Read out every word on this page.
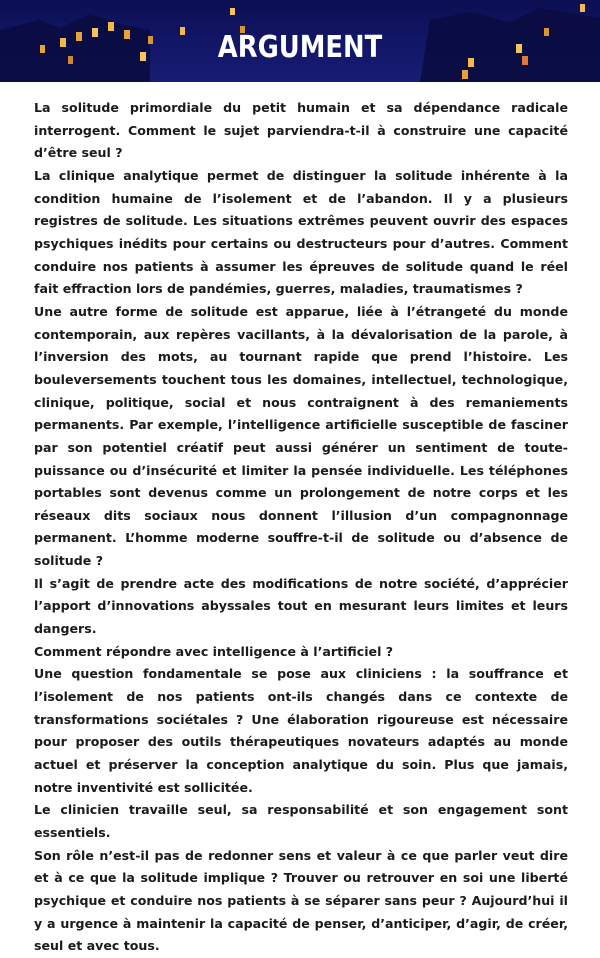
ARGUMENT

La solitude primordiale du petit humain et sa dépendance radicale interrogent. Comment le sujet parviendra-t-il à construire une capacité d’être seul ?

La clinique analytique permet de distinguer la solitude inhérente à la condition humaine de l’isolement et de l’abandon. Il y a plusieurs registres de solitude. Les situations extrêmes peuvent ouvrir des espaces psychiques inédits pour certains ou destructeurs pour d’autres. Comment conduire nos patients à assumer les épreuves de solitude quand le réel fait effraction lors de pandémies, guerres, maladies, traumatismes ?

Une autre forme de solitude est apparue, liée à l’étrangeté du monde contemporain, aux repères vacillants, à la dévalorisation de la parole, à l’inversion des mots, au tournant rapide que prend l’histoire. Les bouleversements touchent tous les domaines, intellectuel, technologique, clinique, politique, social et nous contraignent à des remaniements permanents. Par exemple, l’intelligence artificielle susceptible de fasciner par son potentiel créatif peut aussi générer un sentiment de toute-puissance ou d’insécurité et limiter la pensée individuelle. Les téléphones portables sont devenus comme un prolongement de notre corps et les réseaux dits sociaux nous donnent l’illusion d’un compagnonnage permanent. L’homme moderne souffre-t-il de solitude ou d’absence de solitude ?

Il s’agit de prendre acte des modifications de notre société, d’apprécier l’apport d’innovations abyssales tout en mesurant leurs limites et leurs dangers.

Comment répondre avec intelligence à l’artificiel ?

Une question fondamentale se pose aux cliniciens : la souffrance et l’isolement de nos patients ont-ils changés dans ce contexte de transformations sociétales ? Une élaboration rigoureuse est nécessaire pour proposer des outils thérapeutiques novateurs adaptés au monde actuel et préserver la conception analytique du soin. Plus que jamais, notre inventivité est sollicitée.

Le clinicien travaille seul, sa responsabilité et son engagement sont essentiels.

Son rôle n’est-il pas de redonner sens et valeur à ce que parler veut dire et à ce que la solitude implique ? Trouver ou retrouver en soi une liberté psychique et conduire nos patients à se séparer sans peur ? Aujourd’hui il y a urgence à maintenir la capacité de penser, d’anticiper, d’agir, de créer, seul et avec tous.
